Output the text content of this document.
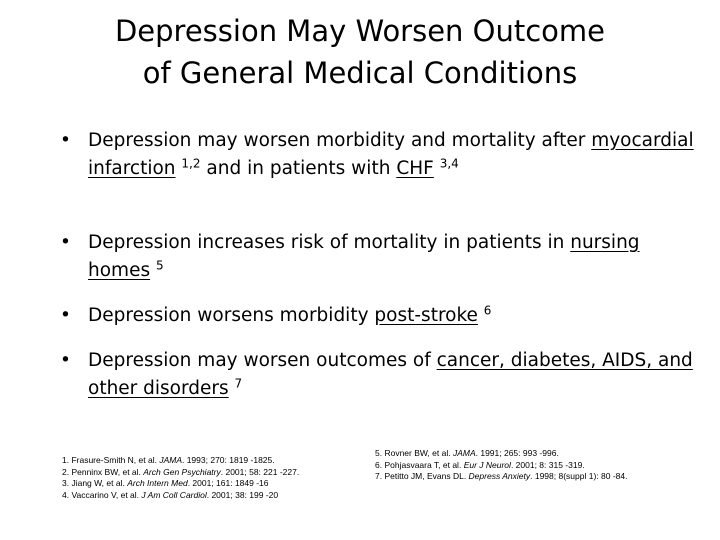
Depression May Worsen Outcome
of General Medical Conditions
• Depression may worsen morbidity and mortality after myocardial infarction $^{1,2}$ and in patients with CHF $^{3,4}$
• Depression increases risk of mortality in patients in nursing homes $^5$
• Depression worsens morbidity post-stroke $^6$
• Depression may worsen outcomes of cancer, diabetes, AIDS, and other disorders $^7$
1. Frasure-Smith N, et al. JAMA. 1993; 270: 1819 -1825.
2. Penninx BW, et al. Arch Gen Psychiatry. 2001; 58: 221 -227.
3. Jiang W, et al. Arch Intern Med. 2001; 161: 1849 -16
4. Vaccarino V, et al. J Am Coll Cardiol. 2001; 38: 199 -20
5. Rovner BW, et al. JAMA. 1991; 265: 993 -996.
6. Pohjasvaara T, et al. Eur J Neurol. 2001; 8: 315 -319.
7. Petitto JM, Evans DL. Depress Anxiety. 1998; 8(suppl 1): 80 -84.
